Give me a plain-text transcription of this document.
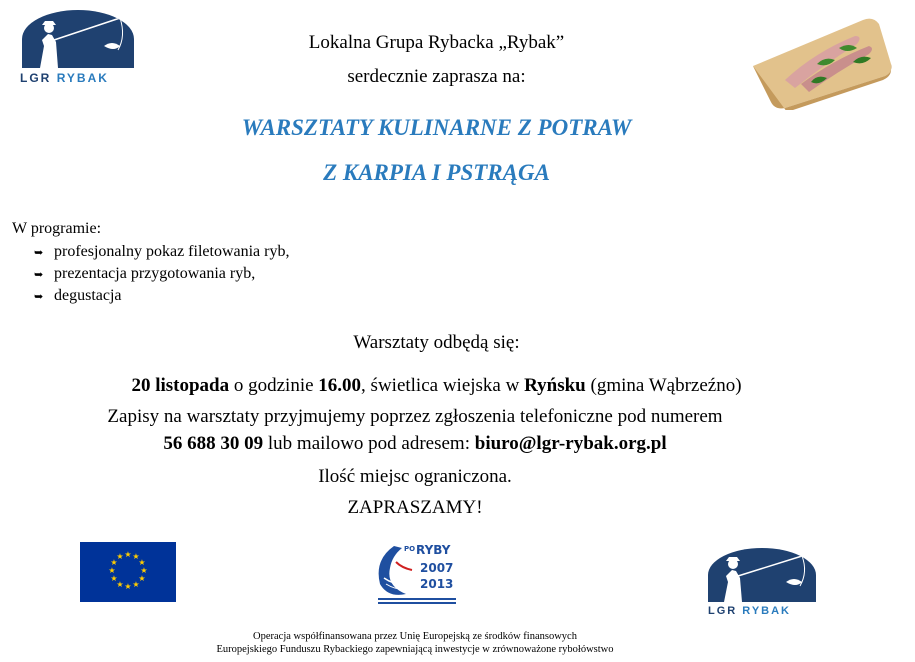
LGR RYBAK
Lokalna Grupa Rybacka „Rybak”
serdecznie zaprasza na:
WARSZTATY KULINARNE Z POTRAW
Z KARPIA I PSTRĄGA
W programie:
➥ profesjonalny pokaz filetowania ryb,
➥ prezentacja przygotowania ryb,
➥ degustacja
Warsztaty odbędą się:
20 listopada o godzinie 16.00, świetlica wiejska w Ryńsku (gmina Wąbrzeźno)
Zapisy na warsztaty przyjmujemy poprzez zgłoszenia telefoniczne pod numerem
56 688 30 09 lub mailowo pod adresem: biuro@lgr-rybak.org.pl
Ilość miejsc ograniczona.
ZAPRASZAMY!
★ ★
★
★
★
★
★
★
★
★
★
★
PO RYBY
2007
2013
LGR RYBAK
Operacja współfinansowana przez Unię Europejską ze środków finansowych
Europejskiego Funduszu Rybackiego zapewniającą inwestycje w zrównoważone rybołówstwo
